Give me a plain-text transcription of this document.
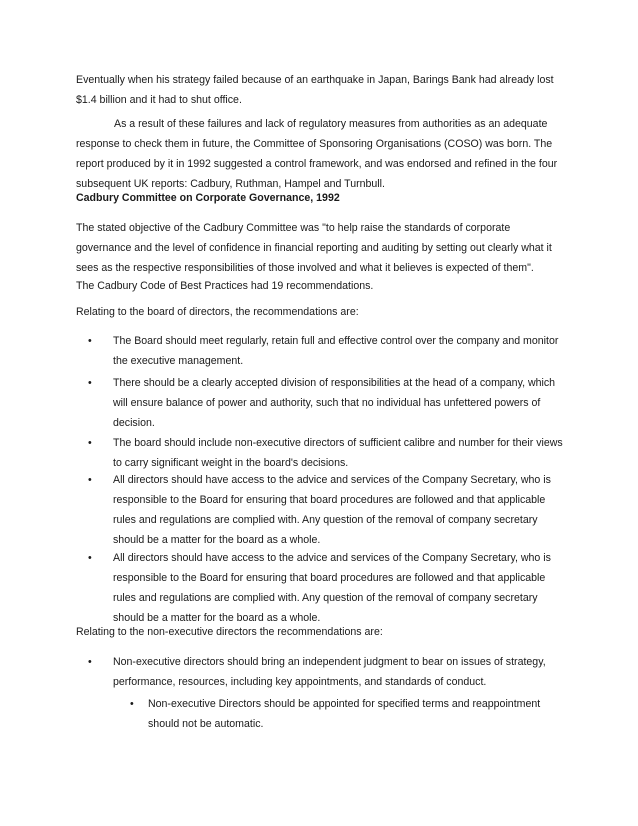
Eventually when his strategy failed because of an earthquake in Japan, Barings Bank had already lost $1.4 billion and it had to shut office.

As a result of these failures and lack of regulatory measures from authorities as an adequate response to check them in future, the Committee of Sponsoring Organisations (COSO) was born. The report produced by it in 1992 suggested a control framework, and was endorsed and refined in the four subsequent UK reports: Cadbury, Ruthman, Hampel and Turnbull.

Cadbury Committee on Corporate Governance, 1992

The stated objective of the Cadbury Committee was "to help raise the standards of corporate governance and the level of confidence in financial reporting and auditing by setting out clearly what it sees as the respective responsibilities of those involved and what it believes is expected of them".

The Cadbury Code of Best Practices had 19 recommendations.

Relating to the board of directors, the recommendations are:

•	The Board should meet regularly, retain full and effective control over the company and monitor the executive management.
•	There should be a clearly accepted division of responsibilities at the head of a company, which will ensure balance of power and authority, such that no individual has unfettered powers of decision.
•	The board should include non-executive directors of sufficient calibre and number for their views to carry significant weight in the board's decisions.
•	All directors should have access to the advice and services of the Company Secretary, who is responsible to the Board for ensuring that board procedures are followed and that applicable rules and regulations are complied with. Any question of the removal of company secretary should be a matter for the board as a whole.
•	All directors should have access to the advice and services of the Company Secretary, who is responsible to the Board for ensuring that board procedures are followed and that applicable rules and regulations are complied with. Any question of the removal of company secretary should be a matter for the board as a whole.

Relating to the non-executive directors the recommendations are:

•	Non-executive directors should bring an independent judgment to bear on issues of strategy, performance, resources, including key appointments, and standards of conduct.
•	Non-executive Directors should be appointed for specified terms and reappointment should not be automatic.
